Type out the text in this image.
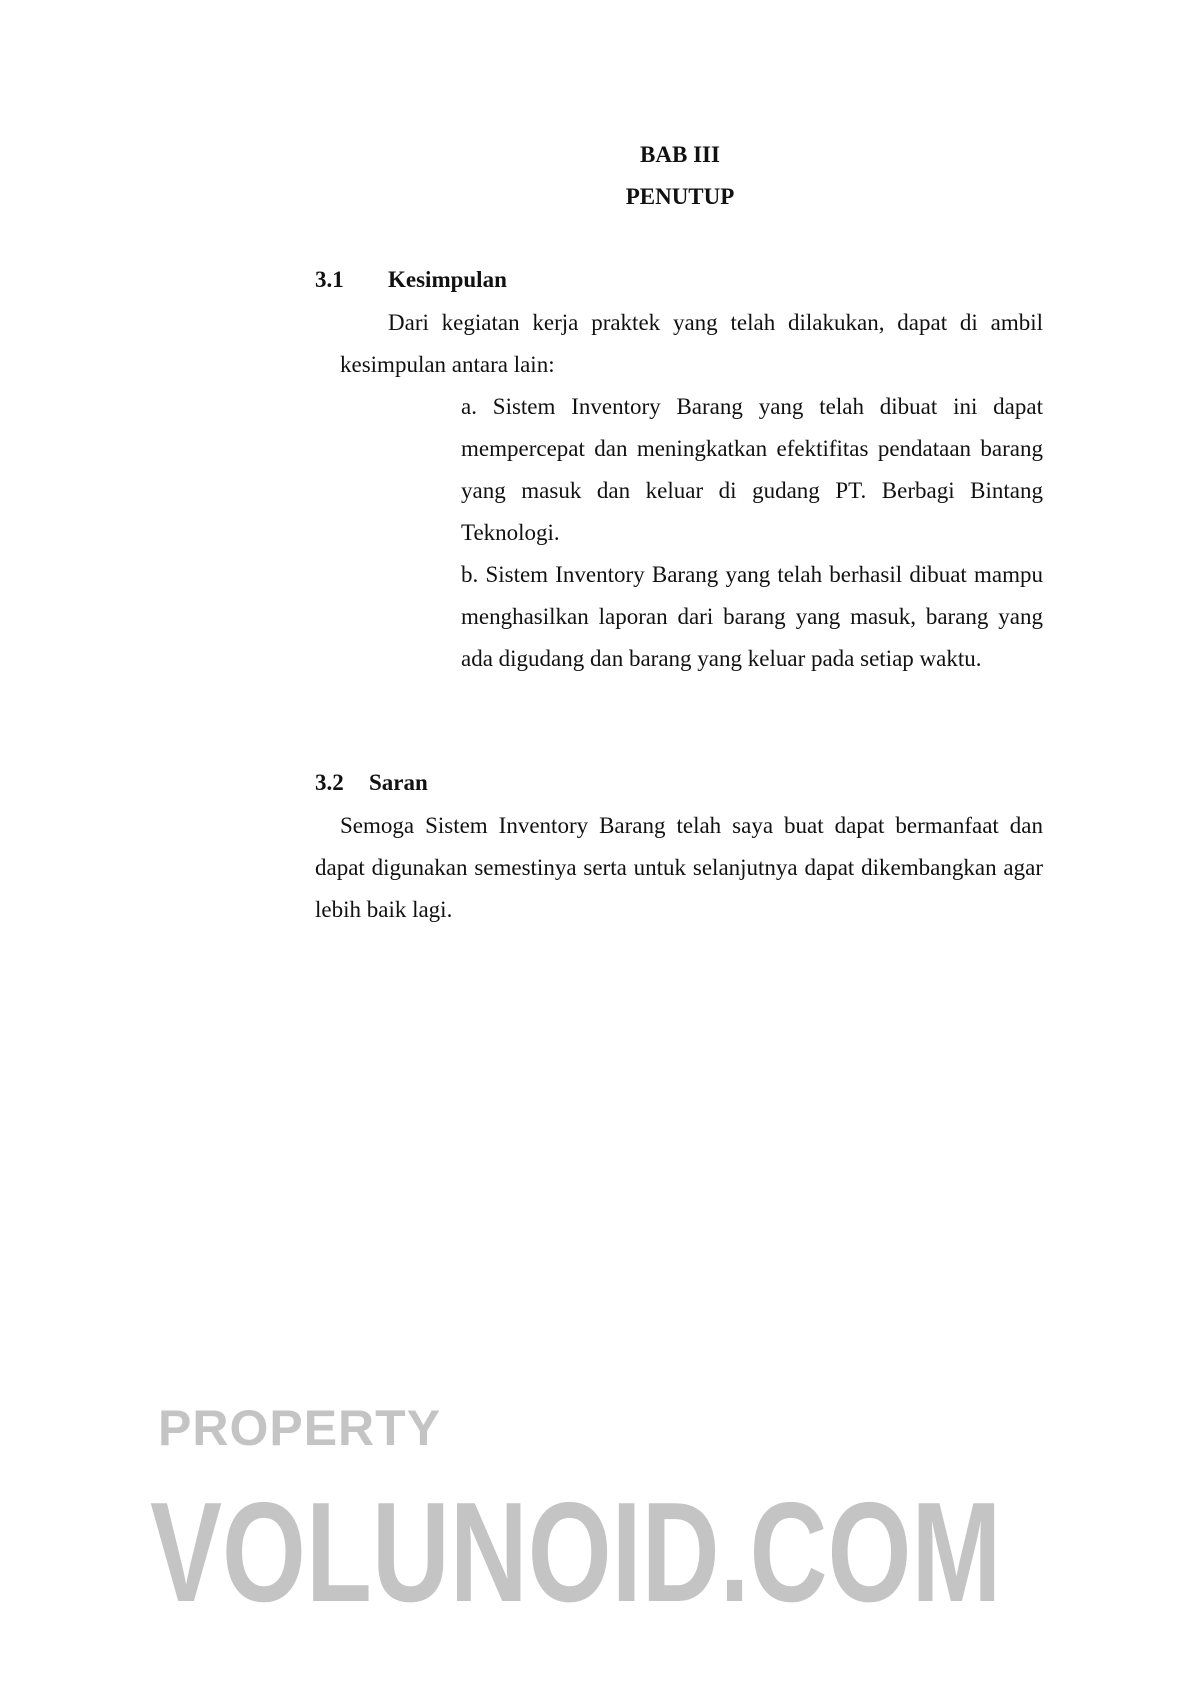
BAB III
PENUTUP
3.1 Kesimpulan
Dari kegiatan kerja praktek yang telah dilakukan, dapat di ambil
kesimpulan antara lain:
a. Sistem Inventory Barang yang telah dibuat ini dapat mempercepat dan meningkatkan efektifitas pendataan barang yang masuk dan keluar di gudang PT. Berbagi Bintang Teknologi.
b. Sistem Inventory Barang yang telah berhasil dibuat mampu menghasilkan laporan dari barang yang masuk, barang yang ada digudang dan barang yang keluar pada setiap waktu.
3.2 Saran
Semoga Sistem Inventory Barang telah saya buat dapat bermanfaat dan dapat digunakan semestinya serta untuk selanjutnya dapat dikembangkan agar lebih baik lagi.
PROPERTY
VOLUNOID.COM
